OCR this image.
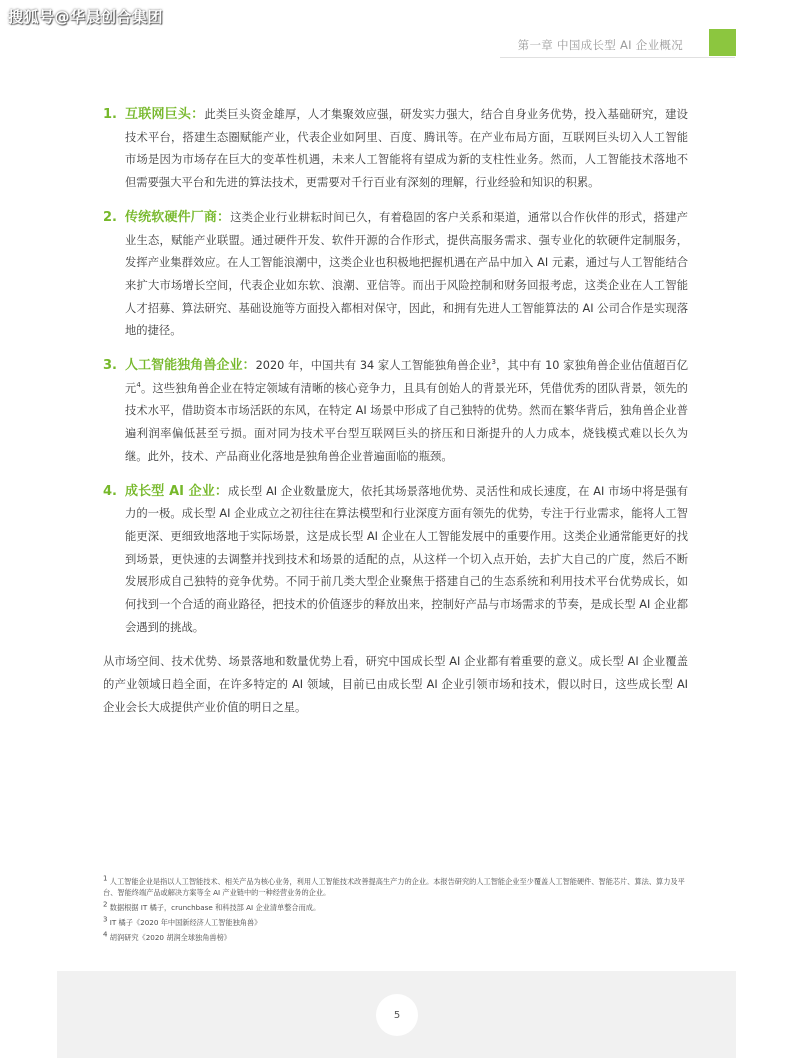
搜狐号@华晨创合集团
第一章 中国成长型 AI 企业概况
1. 互联网巨头：此类巨头资金雄厚，人才集聚效应强，研发实力强大，结合自身业务优势，投入基础研究，建设技术平台，搭建生态圈赋能产业，代表企业如阿里、百度、腾讯等。在产业布局方面，互联网巨头切入人工智能市场是因为市场存在巨大的变革性机遇，未来人工智能将有望成为新的支柱性业务。然而，人工智能技术落地不但需要强大平台和先进的算法技术，更需要对千行百业有深刻的理解，行业经验和知识的积累。
2. 传统软硬件厂商：这类企业行业耕耘时间已久，有着稳固的客户关系和渠道，通常以合作伙伴的形式，搭建产业生态，赋能产业联盟。通过硬件开发、软件开源的合作形式，提供高服务需求、强专业化的软硬件定制服务，发挥产业集群效应。在人工智能浪潮中，这类企业也积极地把握机遇在产品中加入 AI 元素，通过与人工智能结合来扩大市场增长空间，代表企业如东软、浪潮、亚信等。而出于风险控制和财务回报考虑，这类企业在人工智能人才招募、算法研究、基础设施等方面投入都相对保守，因此，和拥有先进人工智能算法的 AI 公司合作是实现落地的捷径。
3. 人工智能独角兽企业：2020 年，中国共有 34 家人工智能独角兽企业$^3$，其中有 10 家独角兽企业估值超百亿元$^4$。这些独角兽企业在特定领域有清晰的核心竞争力，且具有创始人的背景光环，凭借优秀的团队背景，领先的技术水平，借助资本市场活跃的东风，在特定 AI 场景中形成了自己独特的优势。然而在繁华背后，独角兽企业普遍利润率偏低甚至亏损。面对同为技术平台型互联网巨头的挤压和日渐提升的人力成本，烧钱模式难以长久为继。此外，技术、产品商业化落地是独角兽企业普遍面临的瓶颈。
4. 成长型 AI 企业：成长型 AI 企业数量庞大，依托其场景落地优势、灵活性和成长速度，在 AI 市场中将是强有力的一极。成长型 AI 企业成立之初往往在算法模型和行业深度方面有领先的优势，专注于行业需求，能将人工智能更深、更细致地落地于实际场景，这是成长型 AI 企业在人工智能发展中的重要作用。这类企业通常能更好的找到场景，更快速的去调整并找到技术和场景的适配的点，从这样一个切入点开始，去扩大自己的广度，然后不断发展形成自己独特的竞争优势。不同于前几类大型企业聚焦于搭建自己的生态系统和利用技术平台优势成长，如何找到一个合适的商业路径，把技术的价值逐步的释放出来，控制好产品与市场需求的节奏，是成长型 AI 企业都会遇到的挑战。
从市场空间、技术优势、场景落地和数量优势上看，研究中国成长型 AI 企业都有着重要的意义。成长型 AI 企业覆盖的产业领域日趋全面，在许多特定的 AI 领域，目前已由成长型 AI 企业引领市场和技术，假以时日，这些成长型 AI 企业会长大成提供产业价值的明日之星。
$^1$ 人工智能企业是指以人工智能技术、相关产品为核心业务，利用人工智能技术改善提高生产力的企业。本报告研究的人工智能企业至少覆盖人工智能硬件、智能芯片、算法、算力及平台、智能终端产品或解决方案等全 AI 产业链中的一种经营业务的企业。
$^2$ 数据根据 IT 橘子，crunchbase 和科技部 AI 企业清单整合而成。
$^3$ IT 橘子《2020 年中国新经济人工智能独角兽》
$^4$ 胡润研究《2020 胡润全球独角兽榜》
5
